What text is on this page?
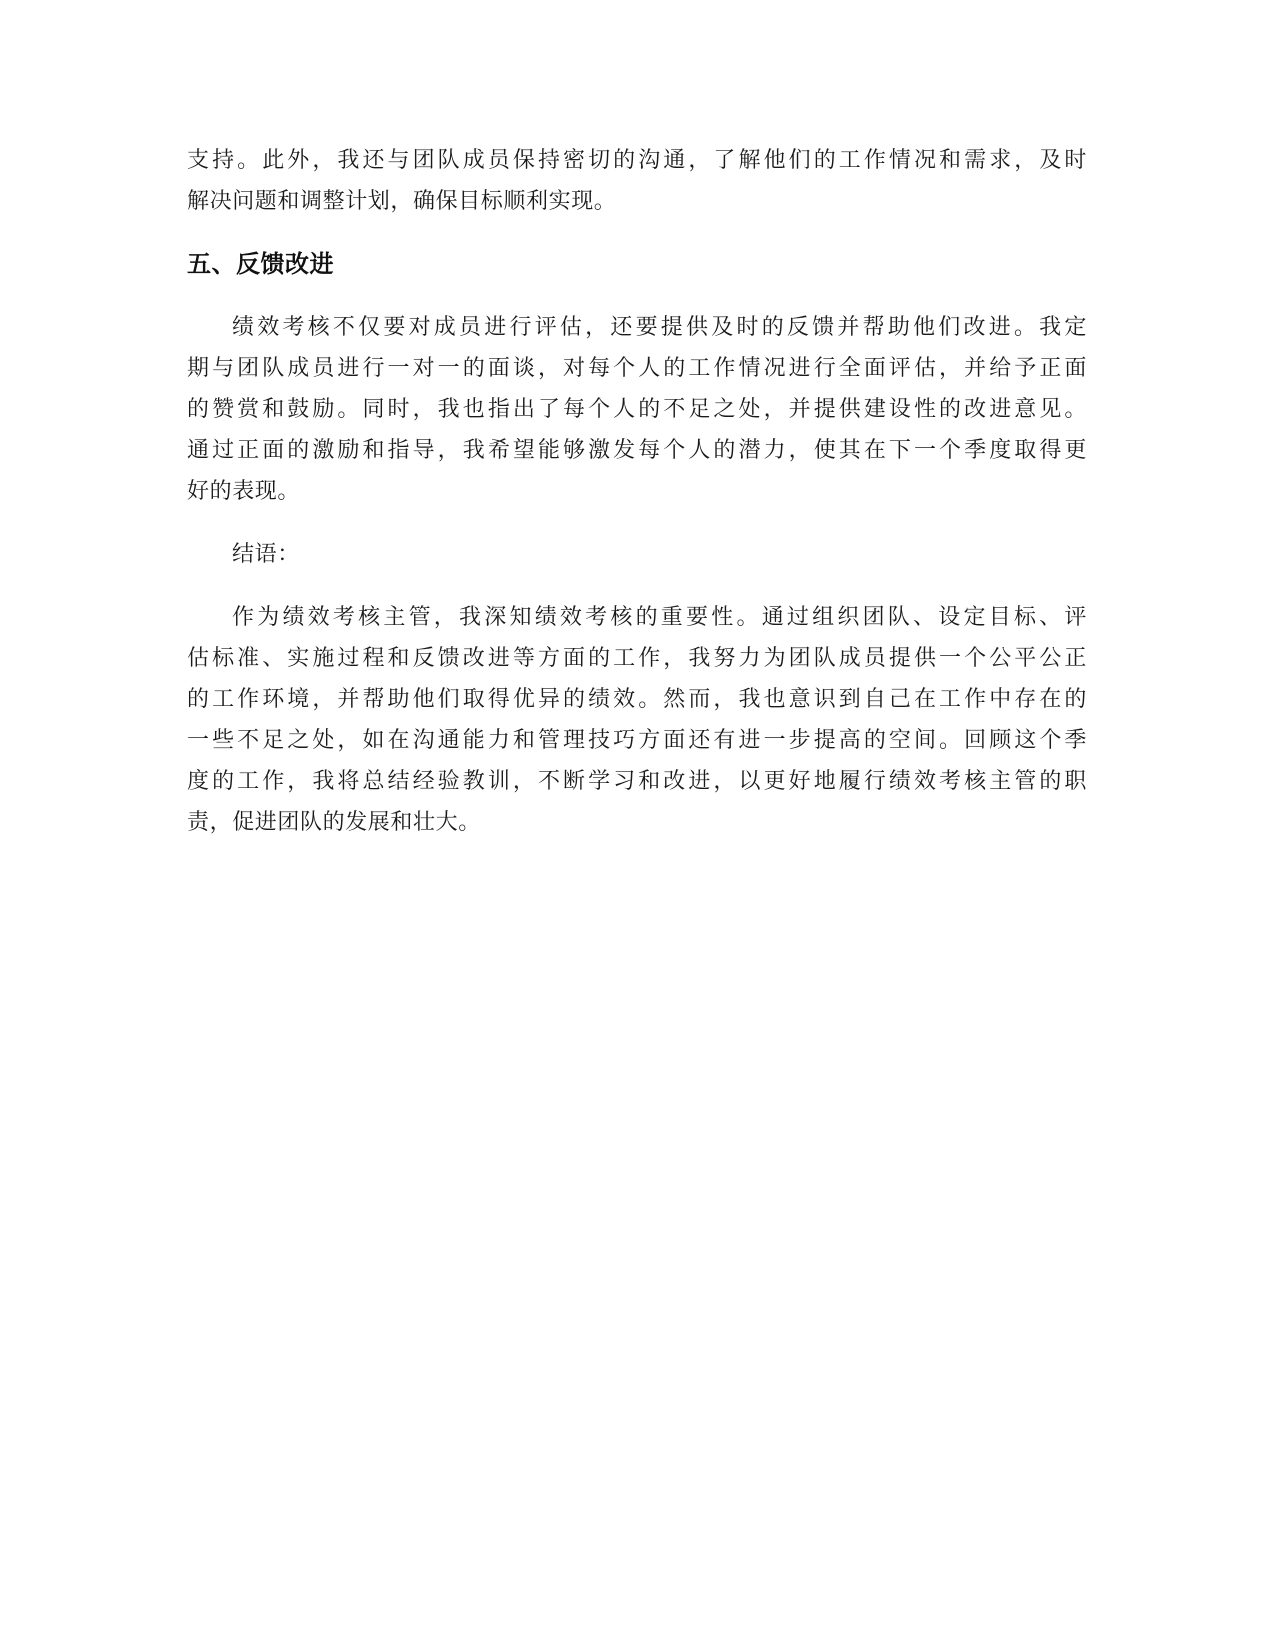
支持。此外，我还与团队成员保持密切的沟通，了解他们的工作情况和需求，及时
解决问题和调整计划，确保目标顺利实现。
五、反馈改进
绩效考核不仅要对成员进行评估，还要提供及时的反馈并帮助他们改进。我定
期与团队成员进行一对一的面谈，对每个人的工作情况进行全面评估，并给予正面
的赞赏和鼓励。同时，我也指出了每个人的不足之处，并提供建设性的改进意见。
通过正面的激励和指导，我希望能够激发每个人的潜力，使其在下一个季度取得更
好的表现。
结语：
作为绩效考核主管，我深知绩效考核的重要性。通过组织团队、设定目标、评
估标准、实施过程和反馈改进等方面的工作，我努力为团队成员提供一个公平公正
的工作环境，并帮助他们取得优异的绩效。然而，我也意识到自己在工作中存在的
一些不足之处，如在沟通能力和管理技巧方面还有进一步提高的空间。回顾这个季
度的工作，我将总结经验教训，不断学习和改进，以更好地履行绩效考核主管的职
责，促进团队的发展和壮大。
